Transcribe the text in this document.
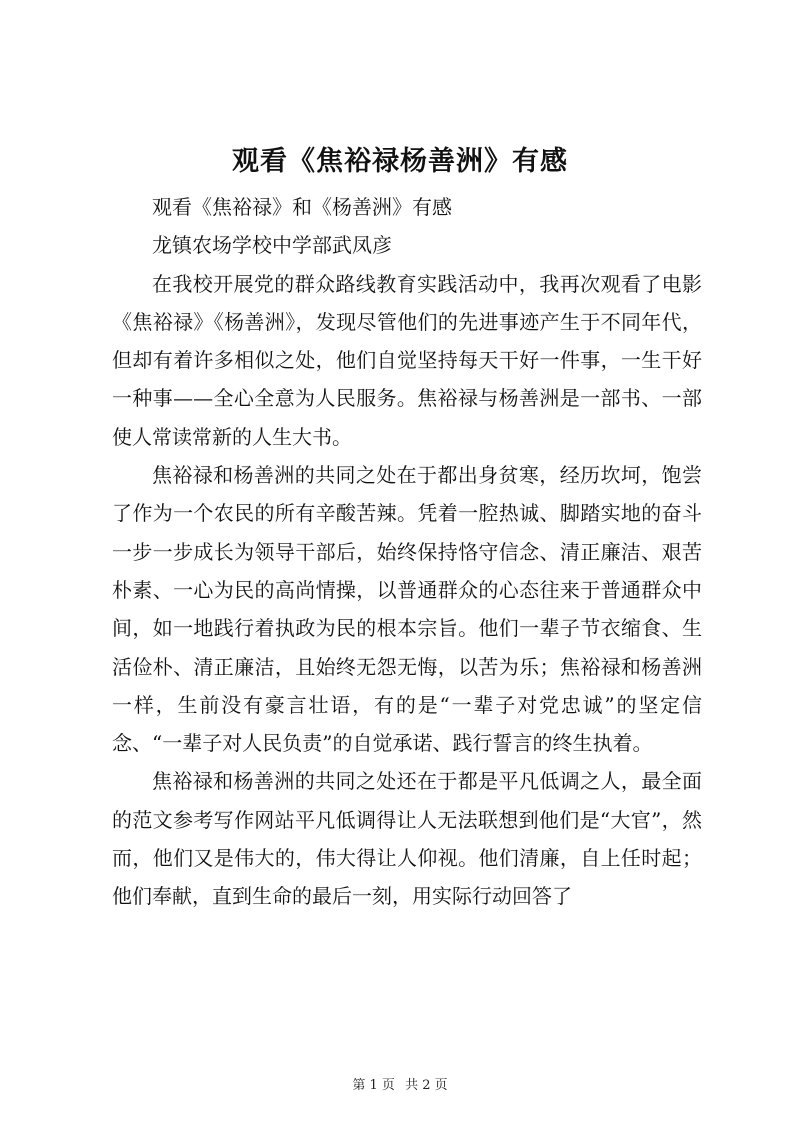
观看《焦裕禄杨善洲》有感

观看《焦裕禄》和《杨善洲》有感

龙镇农场学校中学部武凤彦

在我校开展党的群众路线教育实践活动中，我再次观看了电影《焦裕禄》《杨善洲》，发现尽管他们的先进事迹产生于不同年代，但却有着许多相似之处，他们自觉坚持每天干好一件事，一生干好一种事——全心全意为人民服务。焦裕禄与杨善洲是一部书、一部使人常读常新的人生大书。

焦裕禄和杨善洲的共同之处在于都出身贫寒，经历坎坷，饱尝了作为一个农民的所有辛酸苦辣。凭着一腔热诚、脚踏实地的奋斗一步一步成长为领导干部后，始终保持恪守信念、清正廉洁、艰苦朴素、一心为民的高尚情操，以普通群众的心态往来于普通群众中间，如一地践行着执政为民的根本宗旨。他们一辈子节衣缩食、生活俭朴、清正廉洁，且始终无怨无悔，以苦为乐；焦裕禄和杨善洲一样，生前没有豪言壮语，有的是“一辈子对党忠诚”的坚定信念、“一辈子对人民负责”的自觉承诺、践行誓言的终生执着。

焦裕禄和杨善洲的共同之处还在于都是平凡低调之人，最全面的范文参考写作网站平凡低调得让人无法联想到他们是“大官”，然而，他们又是伟大的，伟大得让人仰视。他们清廉，自上任时起；他们奉献，直到生命的最后一刻，用实际行动回答了

第 1 页 共 2 页
